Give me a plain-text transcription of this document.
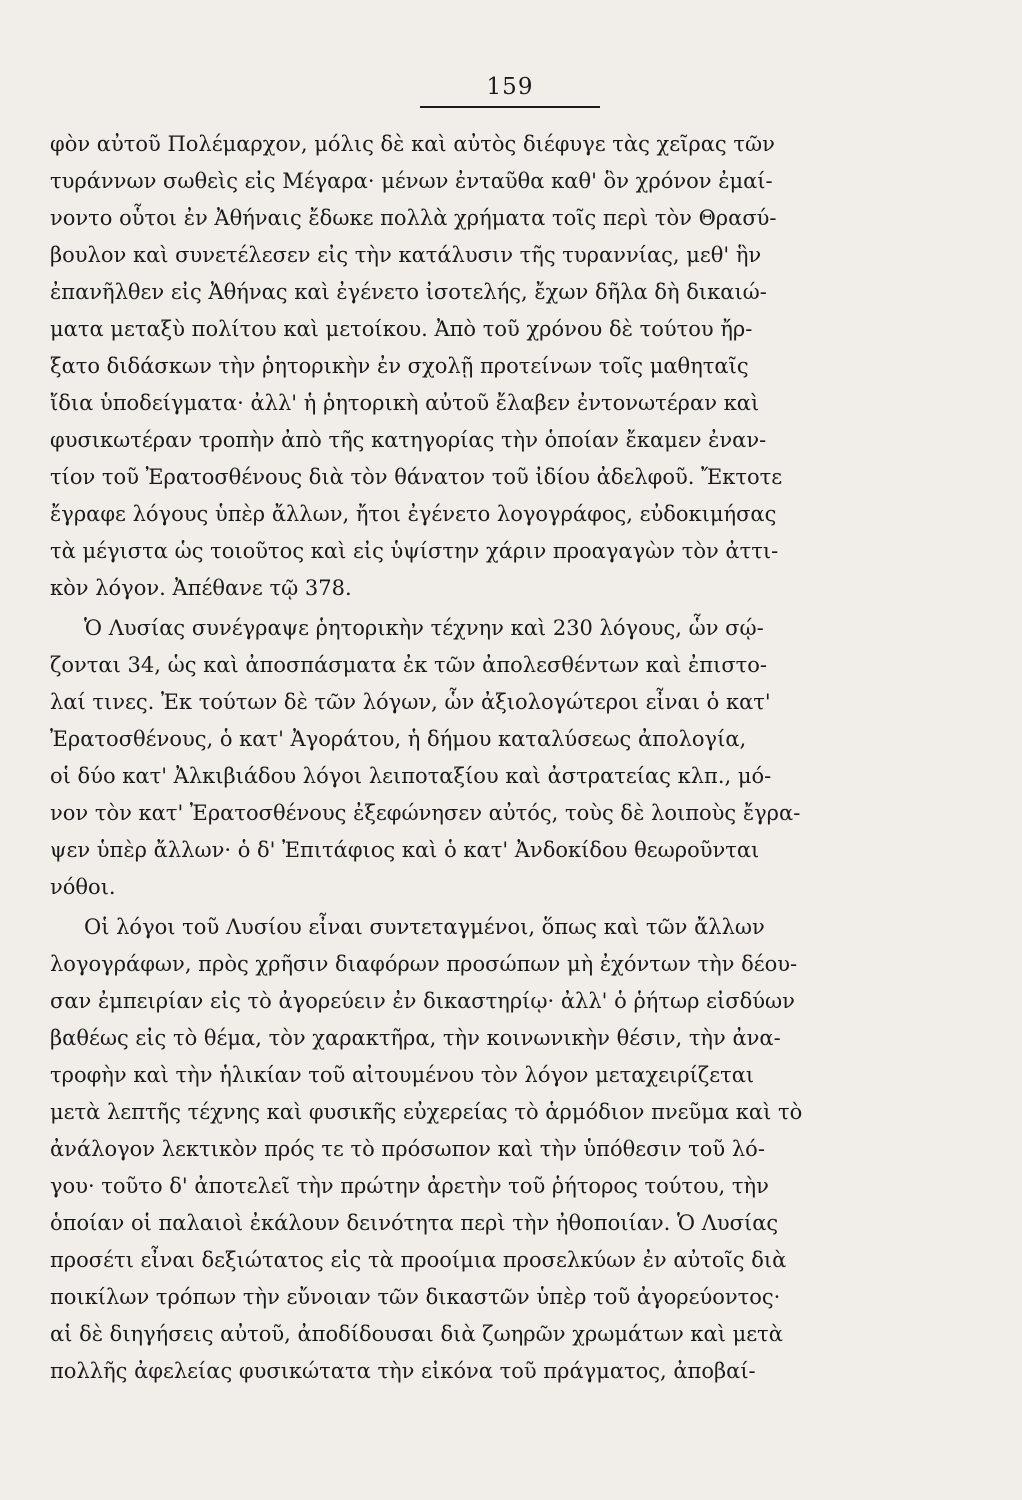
159
φὸν αὐτοῦ Πολέμαρχον, μόλις δὲ καὶ αὐτὸς διέφυγε τὰς χεῖρας τῶν
τυράννων σωθεὶς εἰς Μέγαρα· μένων ἐνταῦθα καθ' ὃν χρόνον ἐμαί-
νοντο οὗτοι ἐν Ἀθήναις ἔδωκε πολλὰ χρήματα τοῖς περὶ τὸν Θρασύ-
βουλον καὶ συνετέλεσεν εἰς τὴν κατάλυσιν τῆς τυραννίας, μεθ' ἣν
ἐπανῆλθεν εἰς Ἀθήνας καὶ ἐγένετο ἰσοτελής, ἔχων δῆλα δὴ δικαιώ-
ματα μεταξὺ πολίτου καὶ μετοίκου. Ἀπὸ τοῦ χρόνου δὲ τούτου ἤρ-
ξατο διδάσκων τὴν ῥητορικὴν ἐν σχολῇ προτείνων τοῖς μαθηταῖς
ἴδια ὑποδείγματα· ἀλλ' ἡ ῥητορικὴ αὐτοῦ ἔλαβεν ἐντονωτέραν καὶ
φυσικωτέραν τροπὴν ἀπὸ τῆς κατηγορίας τὴν ὁποίαν ἔκαμεν ἐναν-
τίον τοῦ Ἐρατοσθένους διὰ τὸν θάνατον τοῦ ἰδίου ἀδελφοῦ. Ἔκτοτε
ἔγραφε λόγους ὑπὲρ ἄλλων, ἤτοι ἐγένετο λογογράφος, εὐδοκιμήσας
τὰ μέγιστα ὡς τοιοῦτος καὶ εἰς ὑψίστην χάριν προαγαγὼν τὸν ἀττι-
κὸν λόγον. Ἀπέθανε τῷ 378.
Ὁ Λυσίας συνέγραψε ῥητορικὴν τέχνην καὶ 230 λόγους, ὧν σῴ-
ζονται 34, ὡς καὶ ἀποσπάσματα ἐκ τῶν ἀπολεσθέντων καὶ ἐπιστο-
λαί τινες. Ἐκ τούτων δὲ τῶν λόγων, ὧν ἀξιολογώτεροι εἶναι ὁ κατ'
Ἐρατοσθένους, ὁ κατ' Ἀγοράτου, ἡ δήμου καταλύσεως ἀπολογία,
οἱ δύο κατ' Ἀλκιβιάδου λόγοι λειποταξίου καὶ ἀστρατείας κλπ., μό-
νον τὸν κατ' Ἐρατοσθένους ἐξεφώνησεν αὐτός, τοὺς δὲ λοιποὺς ἔγρα-
ψεν ὑπὲρ ἄλλων· ὁ δ' Ἐπιτάφιος καὶ ὁ κατ' Ἀνδοκίδου θεωροῦνται
νόθοι.
Οἱ λόγοι τοῦ Λυσίου εἶναι συντεταγμένοι, ὅπως καὶ τῶν ἄλλων
λογογράφων, πρὸς χρῆσιν διαφόρων προσώπων μὴ ἐχόντων τὴν δέου-
σαν ἐμπειρίαν εἰς τὸ ἀγορεύειν ἐν δικαστηρίῳ· ἀλλ' ὁ ῥήτωρ εἰσδύων
βαθέως εἰς τὸ θέμα, τὸν χαρακτῆρα, τὴν κοινωνικὴν θέσιν, τὴν ἀνα-
τροφὴν καὶ τὴν ἡλικίαν τοῦ αἰτουμένου τὸν λόγον μεταχειρίζεται
μετὰ λεπτῆς τέχνης καὶ φυσικῆς εὐχερείας τὸ ἁρμόδιον πνεῦμα καὶ τὸ
ἀνάλογον λεκτικὸν πρός τε τὸ πρόσωπον καὶ τὴν ὑπόθεσιν τοῦ λό-
γου· τοῦτο δ' ἀποτελεῖ τὴν πρώτην ἀρετὴν τοῦ ῥήτορος τούτου, τὴν
ὁποίαν οἱ παλαιοὶ ἐκάλουν δεινότητα περὶ τὴν ἠθοποιίαν. Ὁ Λυσίας
προσέτι εἶναι δεξιώτατος εἰς τὰ προοίμια προσελκύων ἐν αὐτοῖς διὰ
ποικίλων τρόπων τὴν εὔνοιαν τῶν δικαστῶν ὑπὲρ τοῦ ἀγορεύοντος·
αἱ δὲ διηγήσεις αὐτοῦ, ἀποδίδουσαι διὰ ζωηρῶν χρωμάτων καὶ μετὰ
πολλῆς ἀφελείας φυσικώτατα τὴν εἰκόνα τοῦ πράγματος, ἀποβαί-
